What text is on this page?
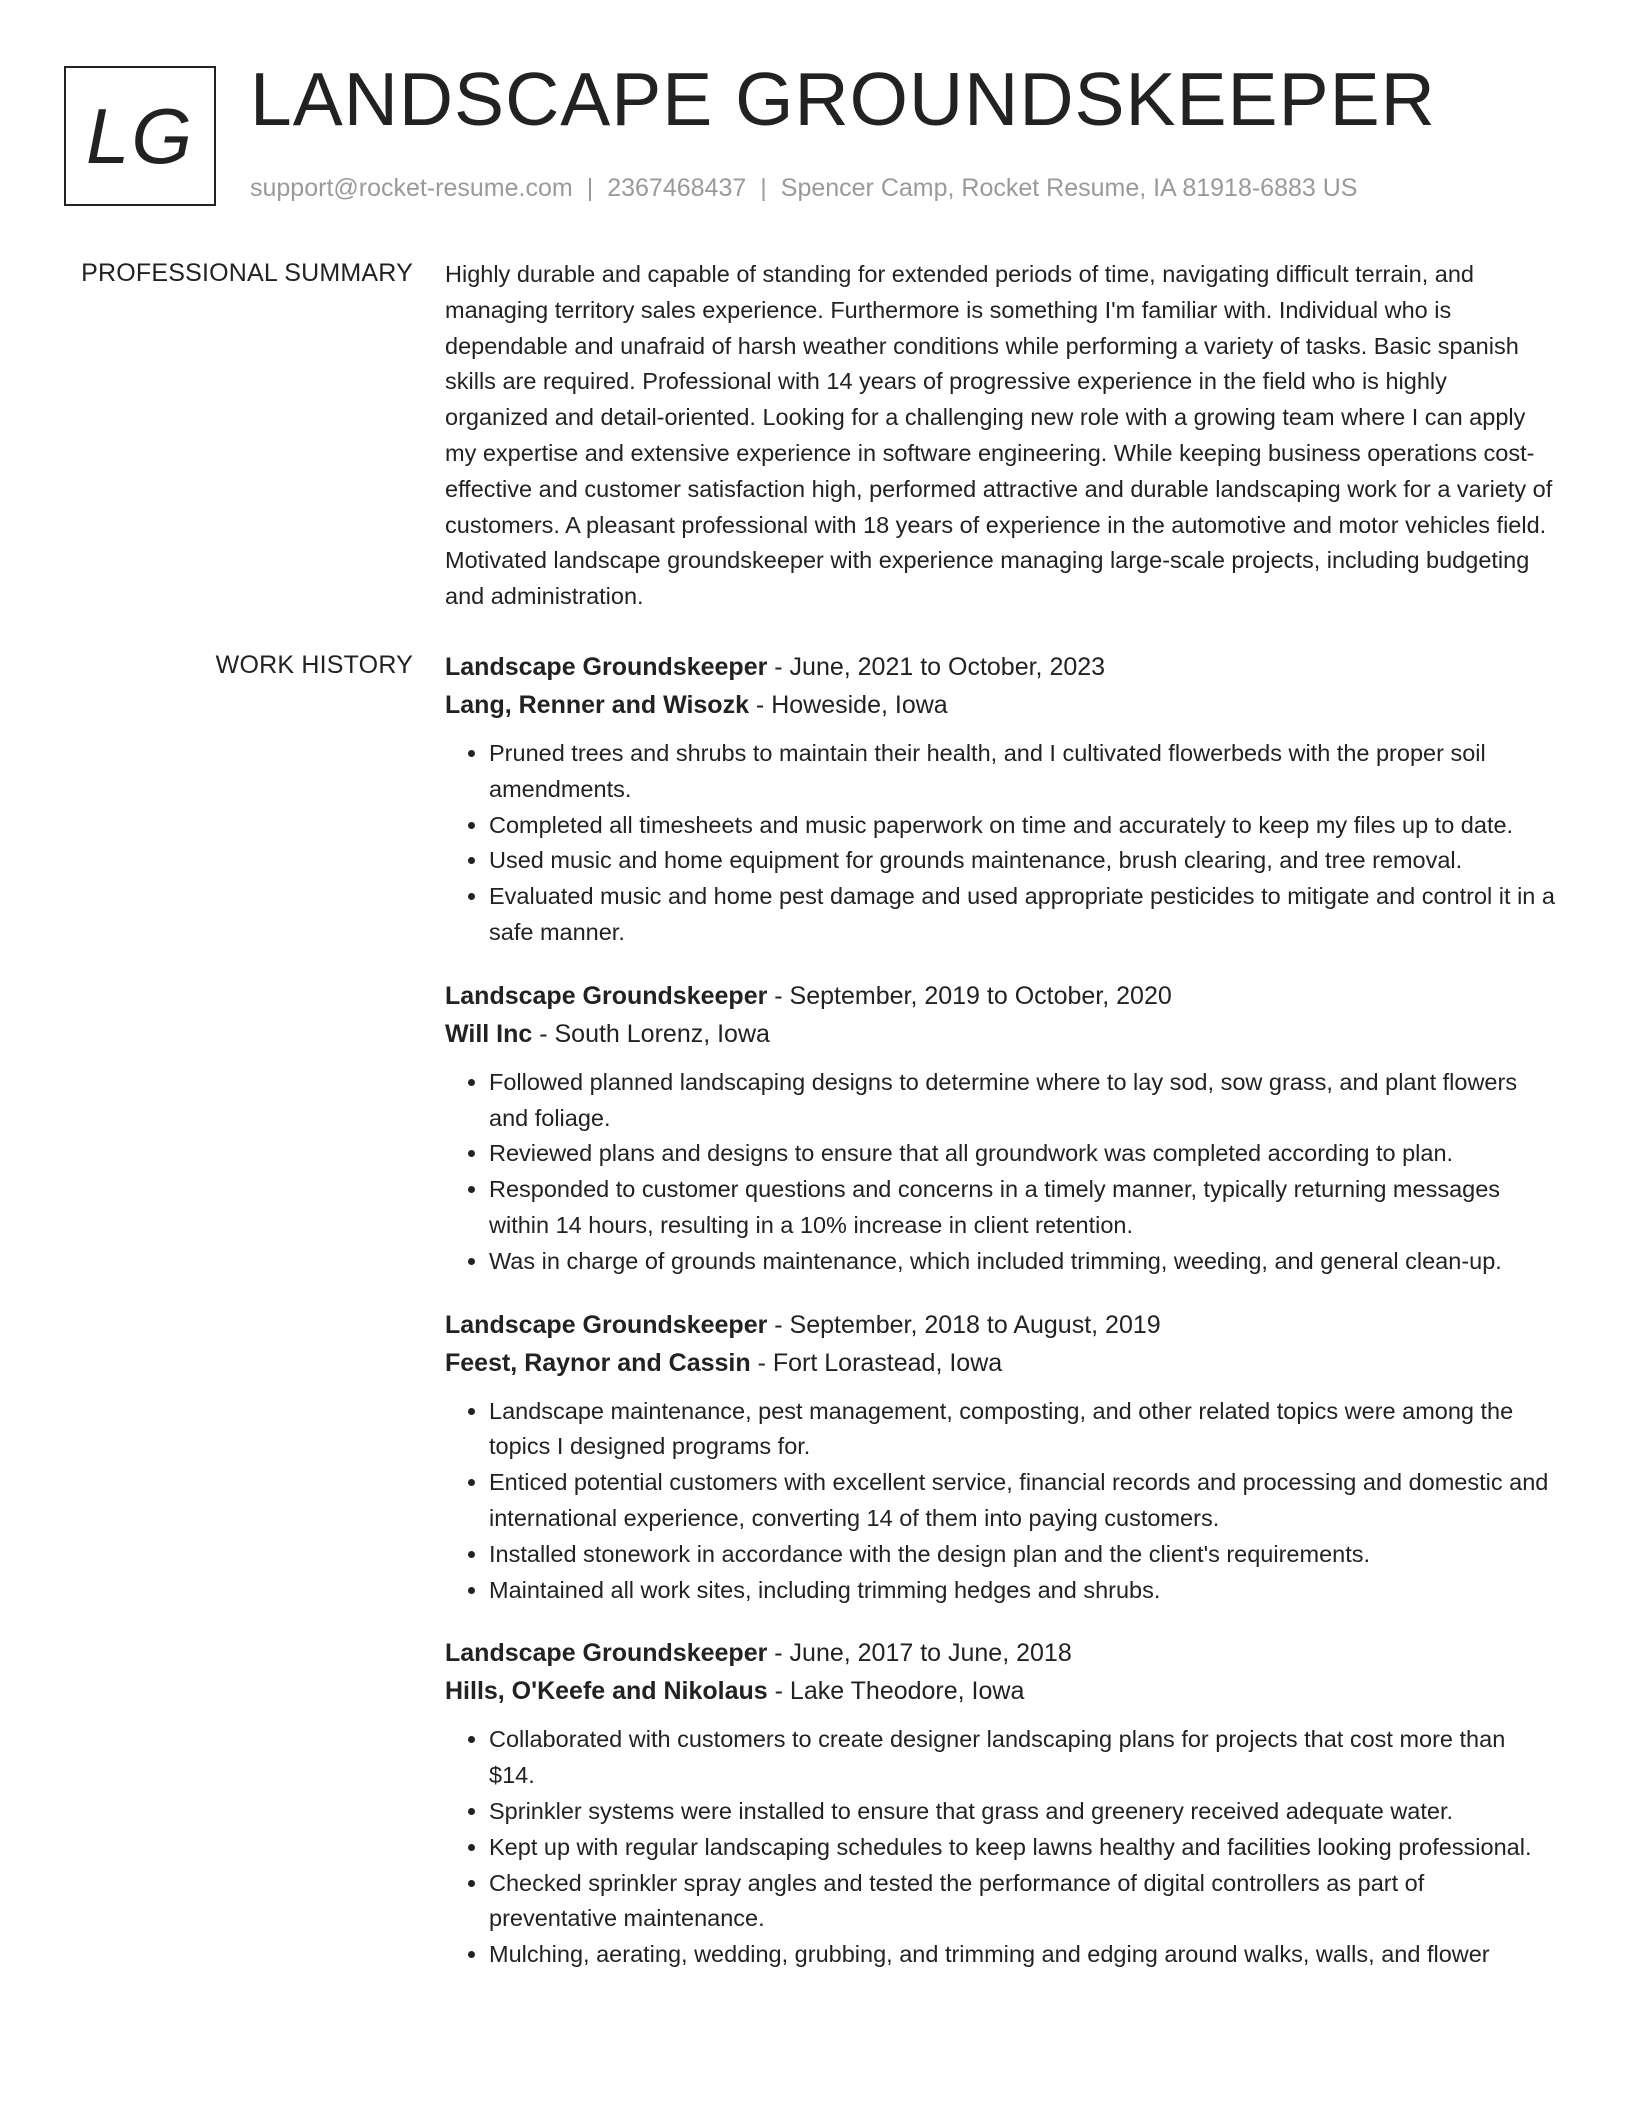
LG LANDSCAPE GROUNDSKEEPER
support@rocket-resume.com | 2367468437 | Spencer Camp, Rocket Resume, IA 81918-6883 US
PROFESSIONAL SUMMARY Highly durable and capable of standing for extended periods of time, navigating difficult terrain, and managing territory sales experience. Furthermore is something I'm familiar with. Individual who is dependable and unafraid of harsh weather conditions while performing a variety of tasks. Basic spanish skills are required. Professional with 14 years of progressive experience in the field who is highly organized and detail-oriented. Looking for a challenging new role with a growing team where I can apply my expertise and extensive experience in software engineering. While keeping business operations cost-effective and customer satisfaction high, performed attractive and durable landscaping work for a variety of customers. A pleasant professional with 18 years of experience in the automotive and motor vehicles field. Motivated landscape groundskeeper with experience managing large-scale projects, including budgeting and administration.

WORK HISTORY Landscape Groundskeeper - June, 2021 to October, 2023
Lang, Renner and Wisozk - Howeside, Iowa
• Pruned trees and shrubs to maintain their health, and I cultivated flowerbeds with the proper soil amendments.
• Completed all timesheets and music paperwork on time and accurately to keep my files up to date.
• Used music and home equipment for grounds maintenance, brush clearing, and tree removal.
• Evaluated music and home pest damage and used appropriate pesticides to mitigate and control it in a safe manner.
Landscape Groundskeeper - September, 2019 to October, 2020
Will Inc - South Lorenz, Iowa
• Followed planned landscaping designs to determine where to lay sod, sow grass, and plant flowers and foliage.
• Reviewed plans and designs to ensure that all groundwork was completed according to plan.
• Responded to customer questions and concerns in a timely manner, typically returning messages within 14 hours, resulting in a 10% increase in client retention.
• Was in charge of grounds maintenance, which included trimming, weeding, and general clean-up.
Landscape Groundskeeper - September, 2018 to August, 2019
Feest, Raynor and Cassin - Fort Lorastead, Iowa
• Landscape maintenance, pest management, composting, and other related topics were among the topics I designed programs for.
• Enticed potential customers with excellent service, financial records and processing and domestic and international experience, converting 14 of them into paying customers.
• Installed stonework in accordance with the design plan and the client's requirements.
• Maintained all work sites, including trimming hedges and shrubs.
Landscape Groundskeeper - June, 2017 to June, 2018
Hills, O'Keefe and Nikolaus - Lake Theodore, Iowa
• Collaborated with customers to create designer landscaping plans for projects that cost more than $14.
• Sprinkler systems were installed to ensure that grass and greenery received adequate water.
• Kept up with regular landscaping schedules to keep lawns healthy and facilities looking professional.
• Checked sprinkler spray angles and tested the performance of digital controllers as part of preventative maintenance.
• Mulching, aerating, wedding, grubbing, and trimming and edging around walks, walls, and flower
